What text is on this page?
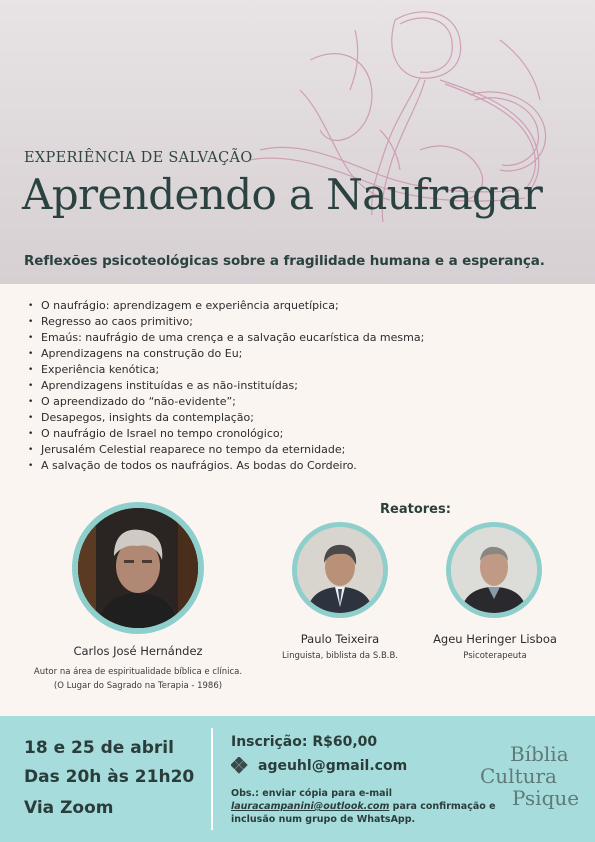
EXPERIÊNCIA DE SALVAÇÃO
Aprendendo a Naufragar
Reflexões psicoteológicas sobre a fragilidade humana e a esperança.
• O naufrágio: aprendizagem e experiência arquetípica;
• Regresso ao caos primitivo;
• Emaús: naufrágio de uma crença e a salvação eucarística da mesma;
• Aprendizagens na construção do Eu;
• Experiência kenótica;
• Aprendizagens instituídas e as não-instituídas;
• O apreendizado do “não-evidente”;
• Desapegos, insights da contemplação;
• O naufrágio de Israel no tempo cronológico;
• Jerusalém Celestial reaparece no tempo da eternidade;
• A salvação de todos os naufrágios. As bodas do Cordeiro.
Reatores:
Carlos José Hernández
Autor na área de espiritualidade bíblica e clínica.
(O Lugar do Sagrado na Terapia - 1986)
Paulo Teixeira
Linguista, biblista da S.B.B.
Ageu Heringer Lisboa
Psicoterapeuta
18 e 25 de abril
Das 20h às 21h20
Via Zoom
Inscrição: R$60,00
ageuhl@gmail.com
Obs.: enviar cópia para e-mail
lauracampanini@outlook.com para confirmação e inclusão num grupo de WhatsApp.
Bíblia
Cultura
Psique
